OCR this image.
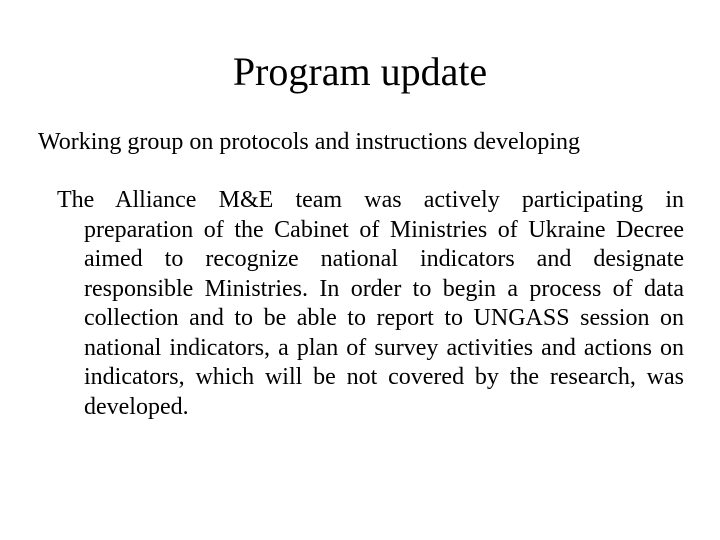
Program update
Working group on protocols and instructions developing
The Alliance M&E team was actively participating in preparation of the Cabinet of Ministries of Ukraine Decree aimed to recognize national indicators and designate responsible Ministries. In order to begin a process of data collection and to be able to report to UNGASS session on national indicators, a plan of survey activities and actions on indicators, which will be not covered by the research, was developed.
